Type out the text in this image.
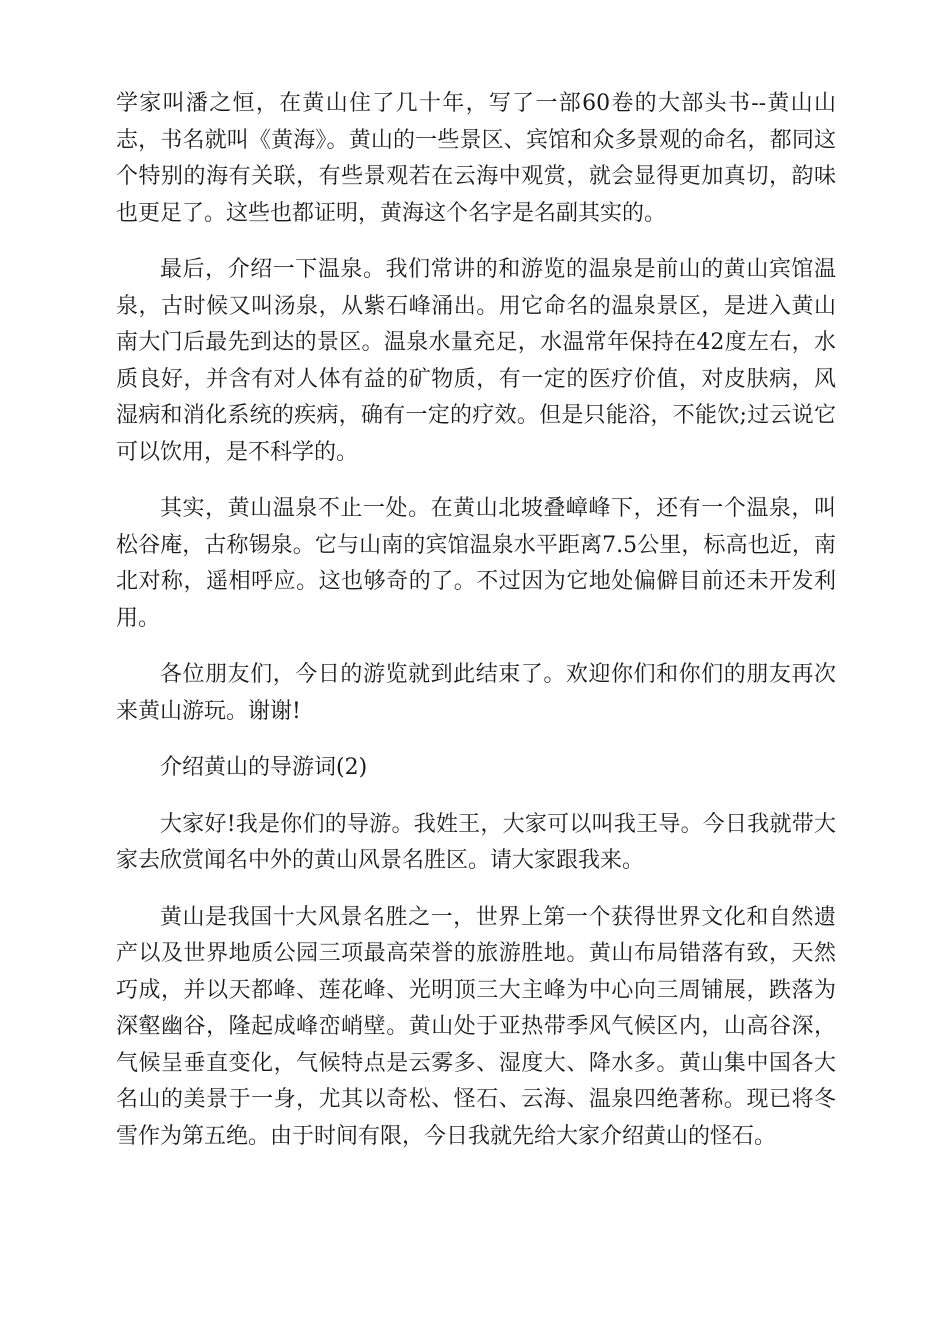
学家叫潘之恒，在黄山住了几十年，写了一部60卷的大部头书--黄山山志，书名就叫《黄海》。黄山的一些景区、宾馆和众多景观的命名，都同这个特别的海有关联，有些景观若在云海中观赏，就会显得更加真切，韵味也更足了。这些也都证明，黄海这个名字是名副其实的。

最后，介绍一下温泉。我们常讲的和游览的温泉是前山的黄山宾馆温泉，古时候又叫汤泉，从紫石峰涌出。用它命名的温泉景区，是进入黄山南大门后最先到达的景区。温泉水量充足，水温常年保持在42度左右，水质良好，并含有对人体有益的矿物质，有一定的医疗价值，对皮肤病，风湿病和消化系统的疾病，确有一定的疗效。但是只能浴，不能饮;过云说它可以饮用，是不科学的。

其实，黄山温泉不止一处。在黄山北坡叠嶂峰下，还有一个温泉，叫松谷庵，古称锡泉。它与山南的宾馆温泉水平距离7.5公里，标高也近，南北对称，遥相呼应。这也够奇的了。不过因为它地处偏僻目前还未开发利用。

各位朋友们，今日的游览就到此结束了。欢迎你们和你们的朋友再次来黄山游玩。谢谢!

介绍黄山的导游词(2)

大家好!我是你们的导游。我姓王，大家可以叫我王导。今日我就带大家去欣赏闻名中外的黄山风景名胜区。请大家跟我来。

黄山是我国十大风景名胜之一，世界上第一个获得世界文化和自然遗产以及世界地质公园三项最高荣誉的旅游胜地。黄山布局错落有致，天然巧成，并以天都峰、莲花峰、光明顶三大主峰为中心向三周铺展，跌落为深壑幽谷，隆起成峰峦峭壁。黄山处于亚热带季风气候区内，山高谷深，气候呈垂直变化，气候特点是云雾多、湿度大、降水多。黄山集中国各大名山的美景于一身，尤其以奇松、怪石、云海、温泉四绝著称。现已将冬雪作为第五绝。由于时间有限，今日我就先给大家介绍黄山的怪石。
